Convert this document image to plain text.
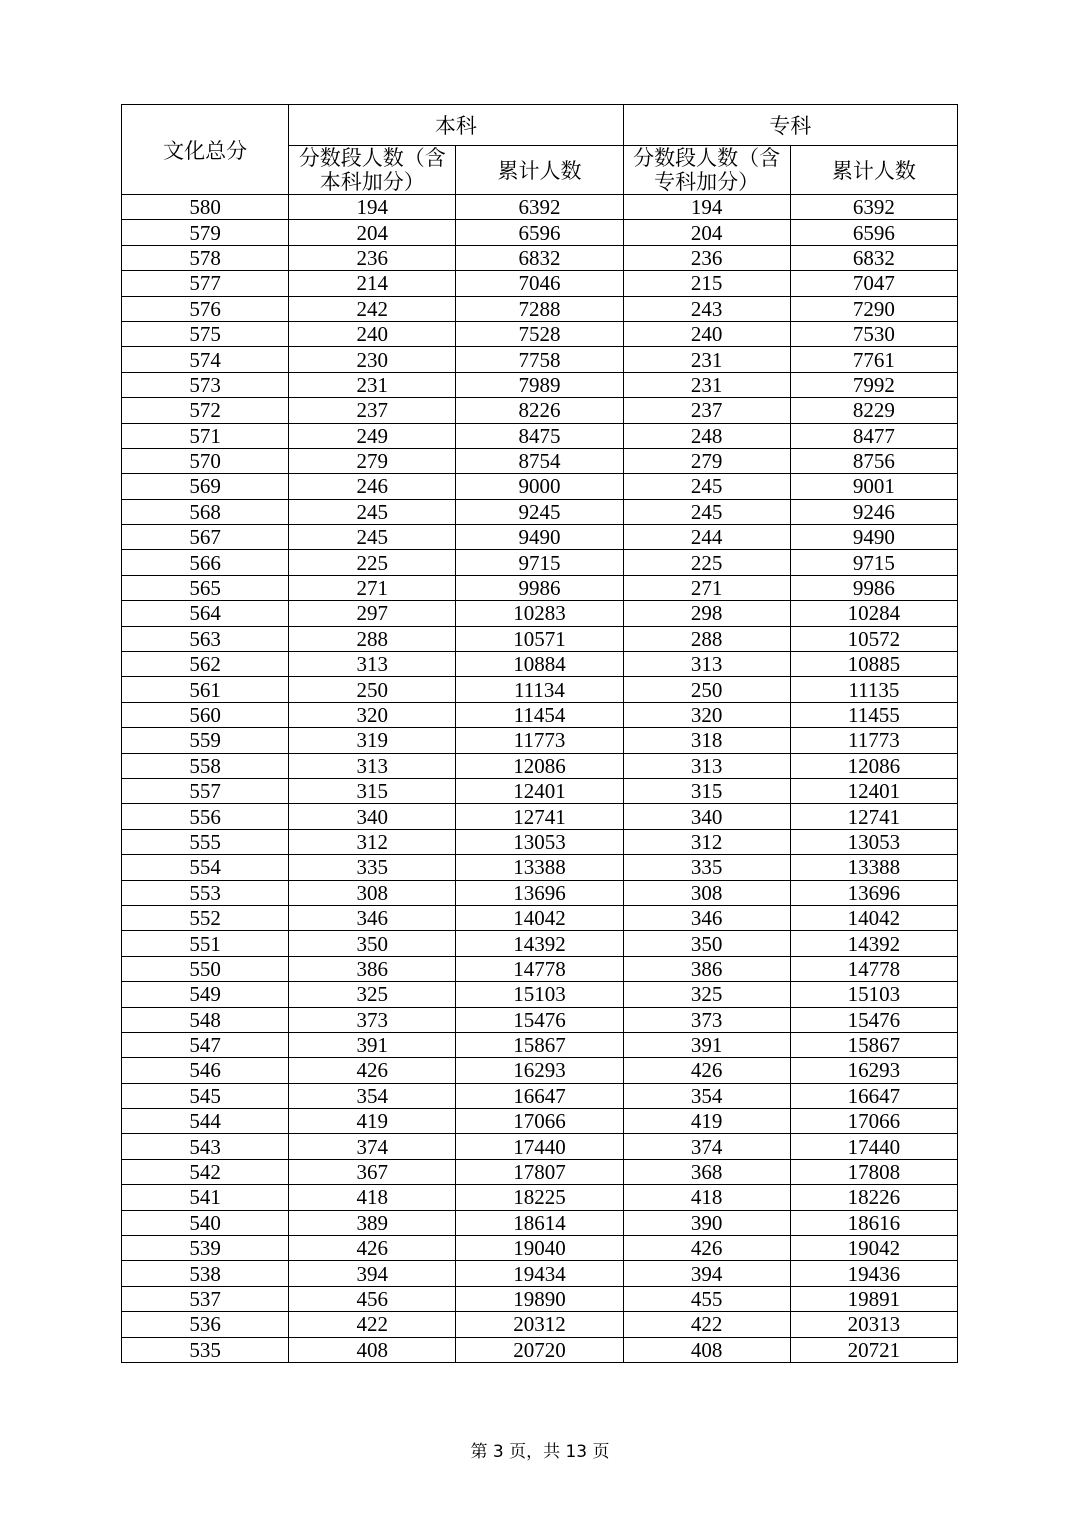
文化总分	本科		专科	

	分数段人数（含
本科加分）	累计人数	分数段人数（含
专科加分）	累计人数
580	194	6392	194	6392
579	204	6596	204	6596
578	236	6832	236	6832
577	214	7046	215	7047
576	242	7288	243	7290
575	240	7528	240	7530
574	230	7758	231	7761
573	231	7989	231	7992
572	237	8226	237	8229
571	249	8475	248	8477
570	279	8754	279	8756
569	246	9000	245	9001
568	245	9245	245	9246
567	245	9490	244	9490
566	225	9715	225	9715
565	271	9986	271	9986
564	297	10283	298	10284
563	288	10571	288	10572
562	313	10884	313	10885
561	250	11134	250	11135
560	320	11454	320	11455
559	319	11773	318	11773
558	313	12086	313	12086
557	315	12401	315	12401
556	340	12741	340	12741
555	312	13053	312	13053
554	335	13388	335	13388
553	308	13696	308	13696
552	346	14042	346	14042
551	350	14392	350	14392
550	386	14778	386	14778
549	325	15103	325	15103
548	373	15476	373	15476
547	391	15867	391	15867
546	426	16293	426	16293
545	354	16647	354	16647
544	419	17066	419	17066
543	374	17440	374	17440
542	367	17807	368	17808
541	418	18225	418	18226
540	389	18614	390	18616
539	426	19040	426	19042
538	394	19434	394	19436
537	456	19890	455	19891
536	422	20312	422	20313
535	408	20720	408	20721
第 3 页，共 13 页
